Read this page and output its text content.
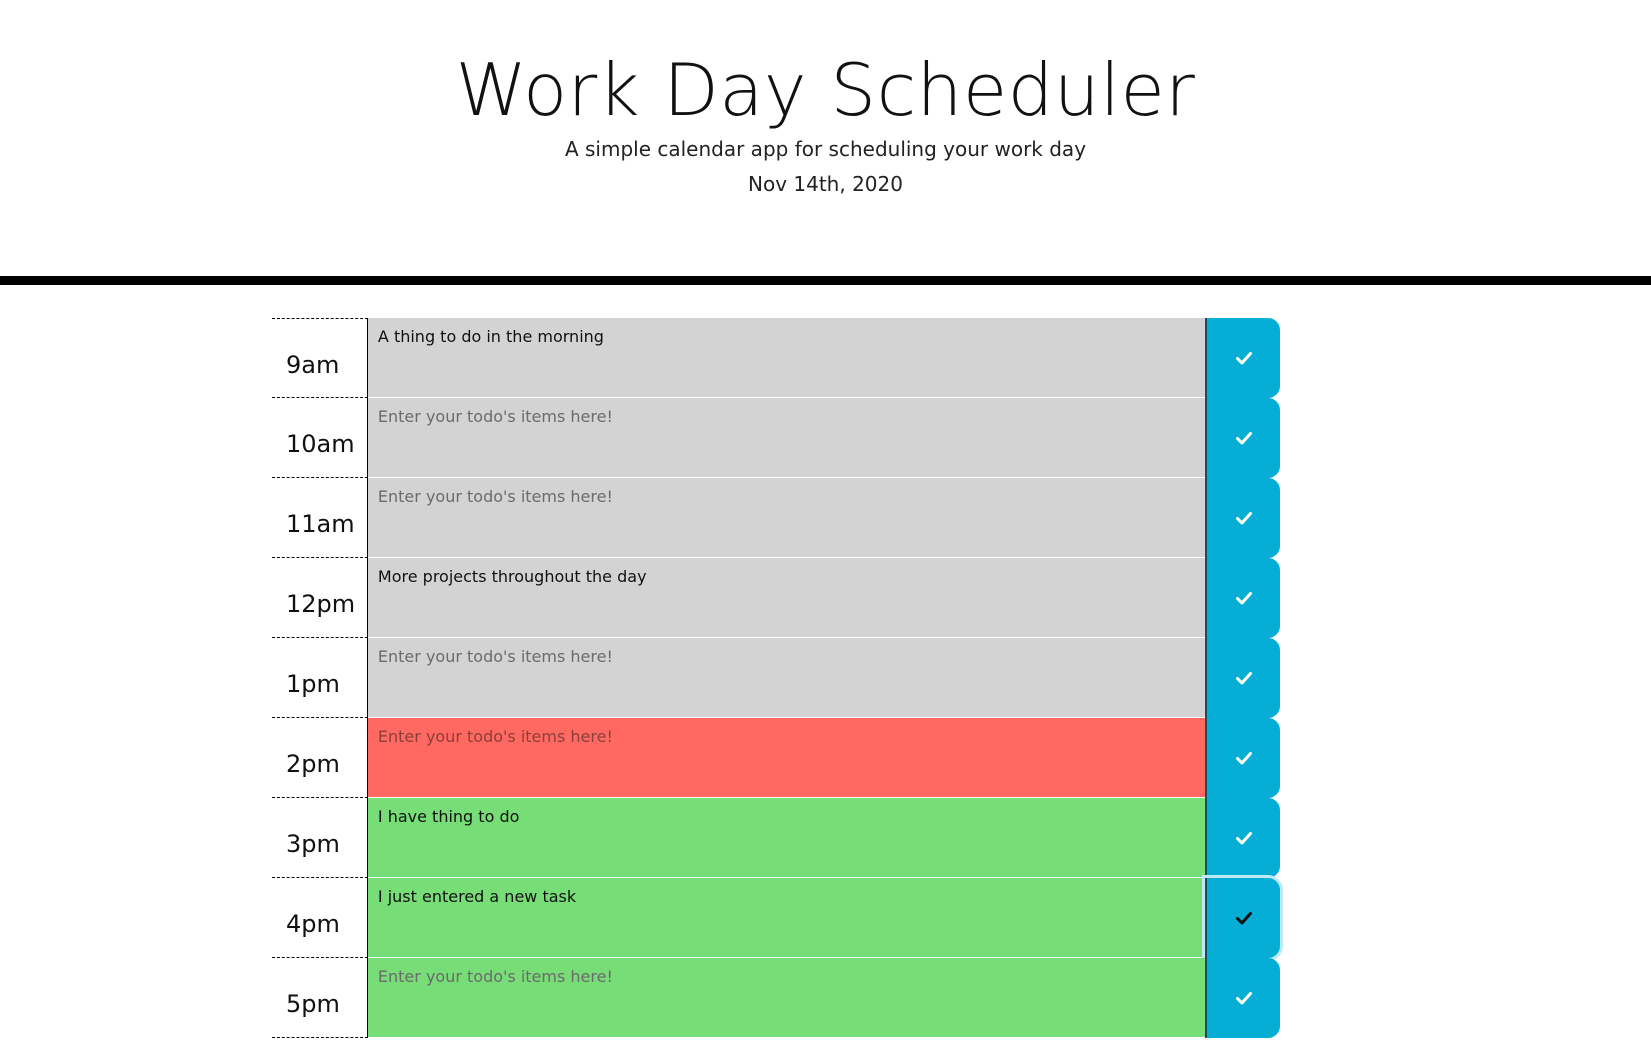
Work Day Scheduler

A simple calendar app for scheduling your work day

Nov 14th, 2020

9am
A thing to do in the morning
10am
Enter your todo's items here!
11am
Enter your todo's items here!
12pm
More projects throughout the day
1pm
Enter your todo's items here!
2pm
Enter your todo's items here!
3pm
I have thing to do
4pm
I just entered a new task
5pm
Enter your todo's items here!
